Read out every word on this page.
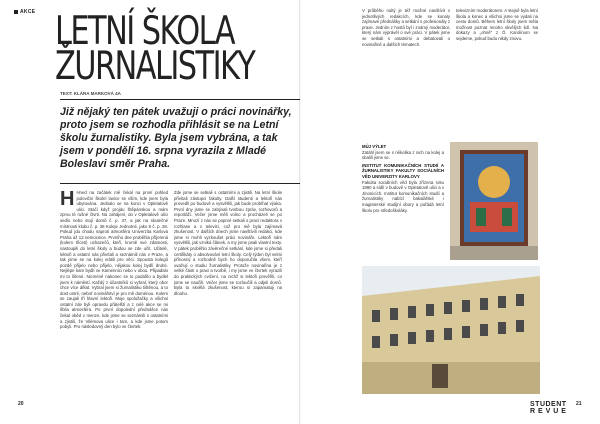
AKCE LETNÍ ŠKOLA
ŽURNALISTIKY
TEXT: KLÁRA MARKOVÁ 4A
Již nějaký ten pátek uvažuji o práci novinářky, proto jsem se rozhodla přihlásit se na Letní školu žurnalistiky. Byla jsem vybrána, a tak jsem v pondělí 16. srpna vyrazila z Mladé Boleslavi směr Praha.
H Hned na začátek mě čekal na první pohled poloviční školní lavice se vším, kde jsem byla ubytována. Jednalo se na konci v Opletalově ulici. Stačí když projdu Štěpánskou a mám zprvu té rušné čtvrti. Na zahájení, do v Opletalově ulici sedlo nebo stojí domů č. p. 37, a jak na skutečné místnosti klubu č. p. 38 Koleje Jednotné, jako 8 č. p. 28. Pokud jdu chodu naproti atmosféra Univerzita Karlova Praha až 12 nemocnice. Prvního dne proběhla příjemná (kolem třiceti) uchazečů, kteří, kromě své zdatnosti, nastoupili do letní školy a budou se zde učit. Učitelé, lektoři a ostatní nás přivítali a seznámili nás v Praze, a tak jsme se na kolej vrátili pro věci. Spousta kolegů pozdě přijelo nebo přijelo, nějakou kolej bydlí druhé. Nejlépe kam bydlí ve Kamennici nebo v obou. Připadalo mi to šílené. Nicméně nakonec se to podařilo a bydlel jsem k náměstí. Každý z účastníků si vybral, který obor chce více dělat. Vybral jsem si žurnalistiku tištěnou, a to dost ostré, neboť novinářství je pro mě doménou. Kolem se zaujali tři hlavní lektoři. Moje spolužačky a všichni ostatní zde byli opravdu přátelští a z celé akce se mi líbila atmosféra. Po první dopolední přednášce nás čekal oběd v menze, kde jsme se seznámili s ostatními a zjistili, že Vilémova ulice i tam, a kde jsme potom pobyli. Pro následovný den bylo ve čtvrtek.
Zde jsme se setkali s ostatními a zjistili. Na letní škole přivítali zástupci fakulty. Další studenti a lektoři nás provedli po budově a vysvětlili, jak bude probíhat výuka. První dny jsme se zabývali tvorbou zpráv, rozhovorů a reportáží. Večer jsme měli volno a procházeli se po Praze. Mnozí z nás se poprvé setkali s prací redaktora v rozhlase a v televizi, což pro mě byla zajímavá zkušenost. V dalších dnech jsme navštívili redakci, kde jsme si mohli vyzkoušet práci novináře. Lektoři nám vysvětlili, jak vzniká článek, a my jsme psali vlastní texty. V pátek proběhlo závěrečné setkání, kde jsme si předali certifikáty o absolvování letní školy. Celý týden byl velmi přínosný a rozhodně bych ho doporučila všem, kteří uvažují o studiu žurnalistiky. Protože novinařina je z velké části o praxi a tvorbě, i my jsme ve čtvrtek vyrazili do praktických cvičení, na nichž si lektoři prověřili, co jsme se naučili. Večer jsme se rozloučili a odjeli domů. Byla to skvělá zkušenost, kterou si zapamatuji na dlouho.
V průběhu nultý je též možné navštívit v jednotlivých redakcích, kde se konaly zajímavé přednášky a setkání s profesionály z praxe. Jedním z hostů byl i známý moderátor, který nám vyprávěl o své práci. V pátek jsme se setkali s ostatními a debatovali o novinařině a dalších tématech.
televizním moderátorem. A stejně byla letní škola a konec a všichni jsme se vydali na cestu domů. Během letní školy jsem měla možnost poznat mnoho skvělých lidí. Na dokazy a „ohně" z Ö. Karolinum se sejdeme, pokud budu nikdy znovu.
MŮJ VÝLET
Zatáhl jsem se s několika z nich na kolej a sbalili jsme se.
INSTITUT KOMUNIKAČNÍCH STUDIÍ A ŽURNALISTIKY FAKULTY SOCIÁLNÍCH VĚD UNIVERZITY KARLOVY
Fakulta sociálních věd byla zřízena roku 1990 a sídlí v budově v Opletalově ulici a v Jinonicích. Institut komunikačních studií a žurnalistiky nabízí bakalářské i magisterské studijní obory a pořádá letní školu pro středoškoláky.
20	STUDENT
R E V U E
21
